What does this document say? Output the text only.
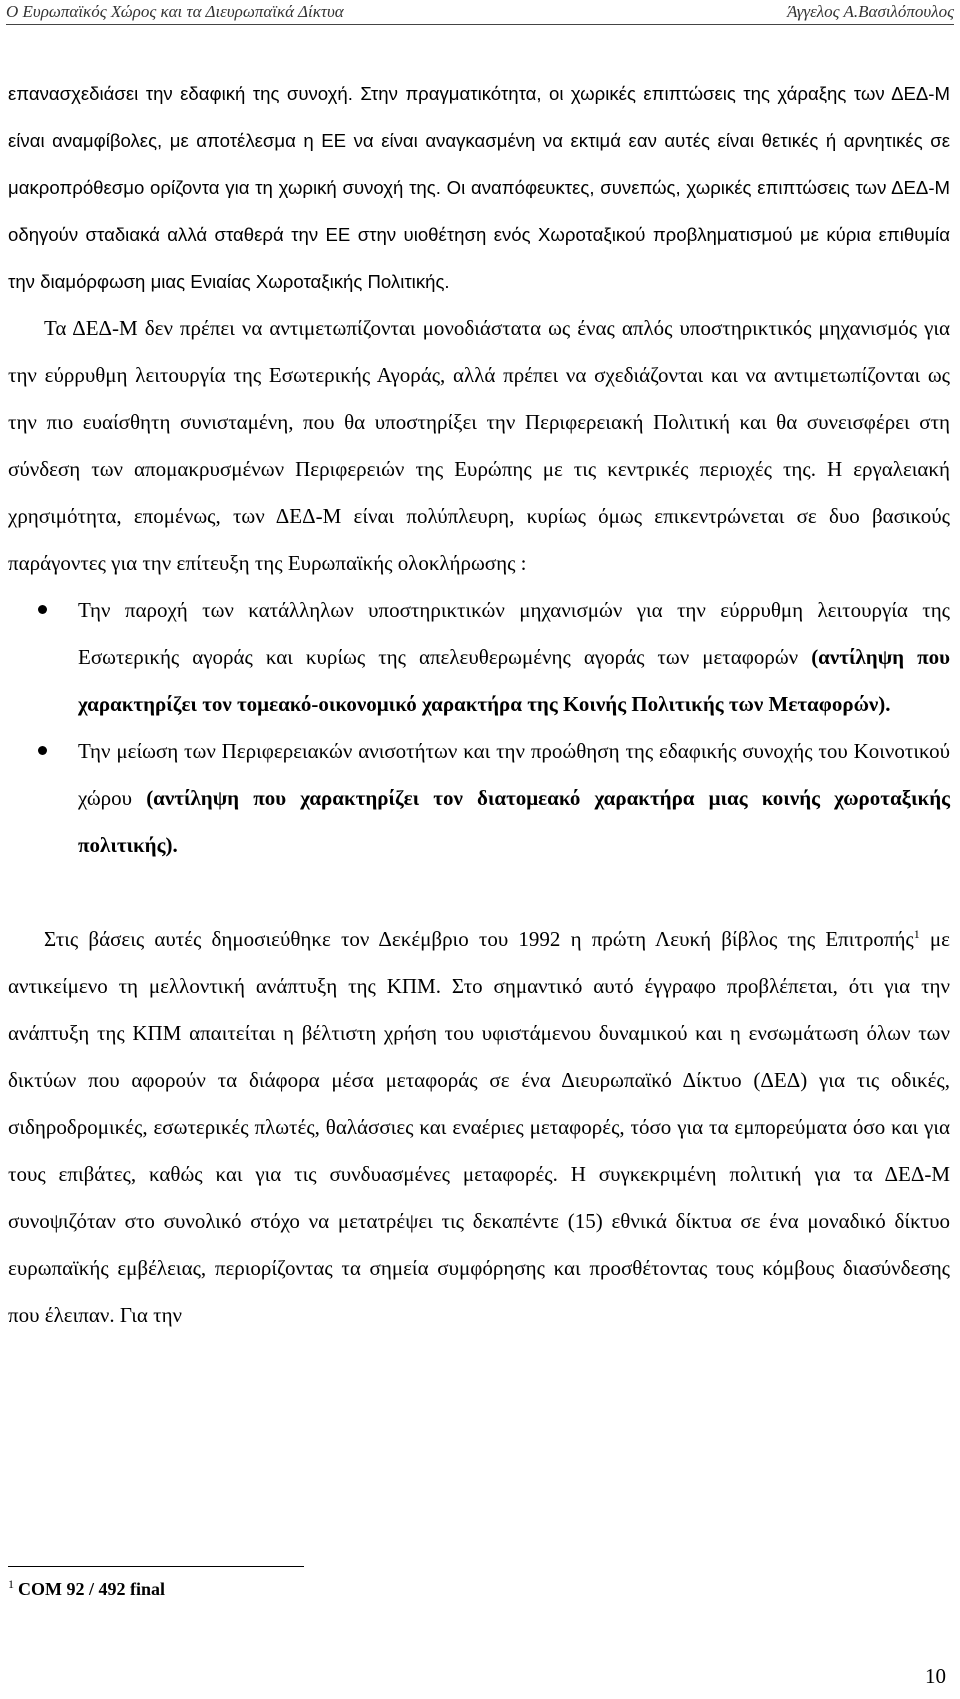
Ο Ευρωπαϊκός Χώρος και τα Διευρωπαϊκά Δίκτυα	Άγγελος Α.Βασιλόπουλος

επανασχεδιάσει την εδαφική της συνοχή. Στην πραγματικότητα, οι χωρικές επιπτώσεις της χάραξης των ΔΕΔ-Μ είναι αναμφίβολες, με αποτέλεσμα η ΕΕ να είναι αναγκασμένη να εκτιμά εαν αυτές είναι θετικές ή αρνητικές σε μακροπρόθεσμο ορίζοντα για τη χωρική συνοχή της. Οι αναπόφευκτες, συνεπώς, χωρικές επιπτώσεις των ΔΕΔ-Μ οδηγούν σταδιακά αλλά σταθερά την ΕΕ στην υιοθέτηση ενός Χωροταξικού προβληματισμού με κύρια επιθυμία την διαμόρφωση μιας Ενιαίας Χωροταξικής Πολιτικής.

Τα ΔΕΔ-Μ δεν πρέπει να αντιμετωπίζονται μονοδιάστατα ως ένας απλός υποστηρικτικός μηχανισμός για την εύρρυθμη λειτουργία της Εσωτερικής Αγοράς, αλλά πρέπει να σχεδιάζονται και να αντιμετωπίζονται ως την πιο ευαίσθητη συνισταμένη, που θα υποστηρίξει την Περιφερειακή Πολιτική και θα συνεισφέρει στη σύνδεση των απομακρυσμένων Περιφερειών της Ευρώπης με τις κεντρικές περιοχές της. Η εργαλειακή χρησιμότητα, επομένως, των ΔΕΔ-Μ είναι πολύπλευρη, κυρίως όμως επικεντρώνεται σε δυο βασικούς παράγοντες για την επίτευξη της Ευρωπαϊκής ολοκλήρωσης :

Την παροχή των κατάλληλων υποστηρικτικών μηχανισμών για την εύρρυθμη λειτουργία της Εσωτερικής αγοράς και κυρίως της απελευθερωμένης αγοράς των μεταφορών (αντίληψη που χαρακτηρίζει τον τομεακό-οικονομικό χαρακτήρα της Κοινής Πολιτικής των Μεταφορών).
Την μείωση των Περιφερειακών ανισοτήτων και την προώθηση της εδαφικής συνοχής του Κοινοτικού χώρου (αντίληψη που χαρακτηρίζει τον διατομεακό χαρακτήρα μιας κοινής χωροταξικής πολιτικής).

Στις βάσεις αυτές δημοσιεύθηκε τον Δεκέμβριο του 1992 η πρώτη Λευκή βίβλος της Επιτροπής$^1$ με αντικείμενο τη μελλοντική ανάπτυξη της ΚΠΜ. Στο σημαντικό αυτό έγγραφο προβλέπεται, ότι για την ανάπτυξη της ΚΠΜ απαιτείται η βέλτιστη χρήση του υφιστάμενου δυναμικού και η ενσωμάτωση όλων των δικτύων που αφορούν τα διάφορα μέσα μεταφοράς σε ένα Διευρωπαϊκό Δίκτυο (ΔΕΔ) για τις οδικές, σιδηροδρομικές, εσωτερικές πλωτές, θαλάσσιες και εναέριες μεταφορές, τόσο για τα εμπορεύματα όσο και για τους επιβάτες, καθώς και για τις συνδυασμένες μεταφορές. Η συγκεκριμένη πολιτική για τα ΔΕΔ-Μ συνοψιζόταν στο συνολικό στόχο να μετατρέψει τις δεκαπέντε (15) εθνικά δίκτυα σε ένα μοναδικό δίκτυο ευρωπαϊκής εμβέλειας, περιορίζοντας τα σημεία συμφόρησης και προσθέτοντας τους κόμβους διασύνδεσης που έλειπαν. Για την

$^1$ COM 92 / 492 final
10
